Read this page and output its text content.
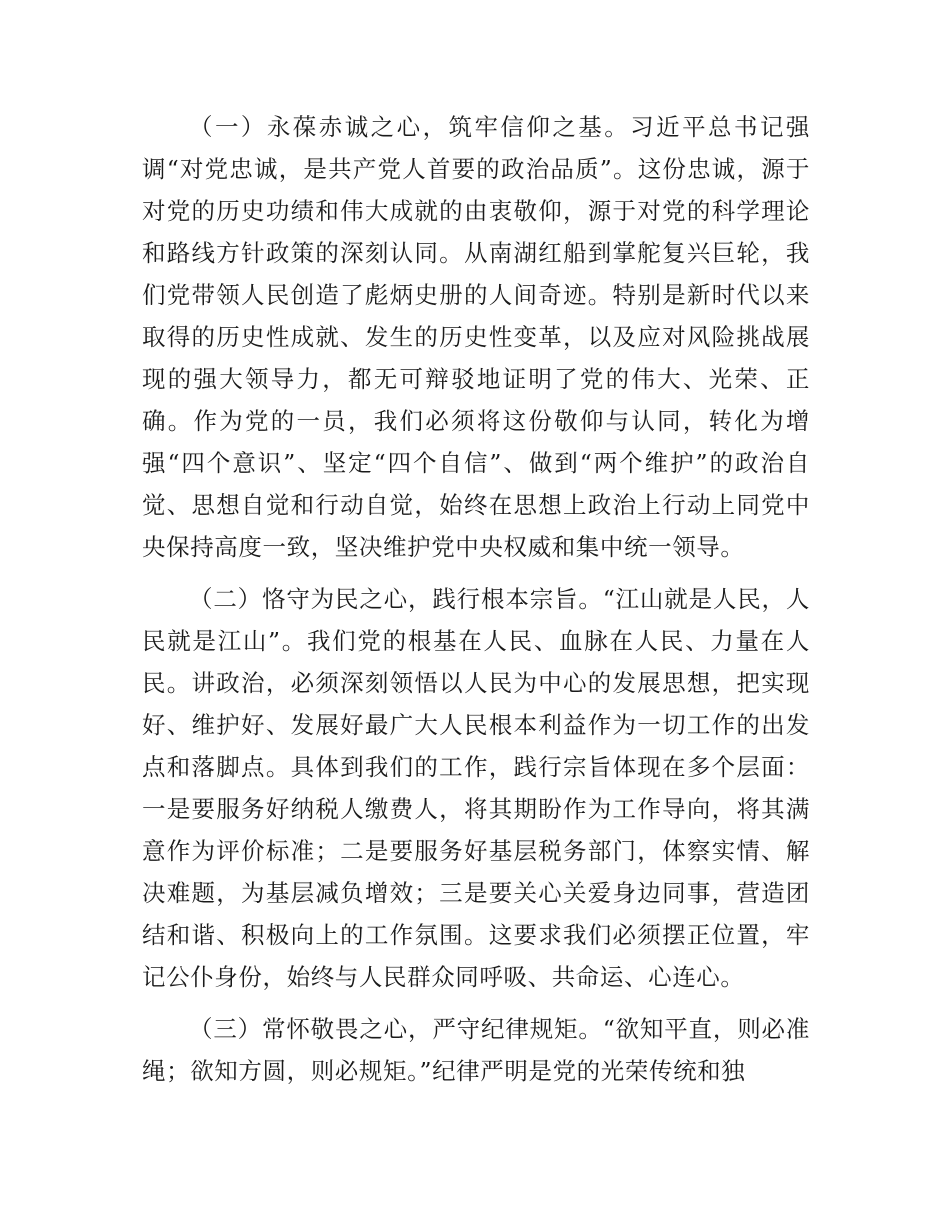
（一）永葆赤诚之心，筑牢信仰之基。习近平总书记强调“对党忠诚，是共产党人首要的政治品质”。这份忠诚，源于对党的历史功绩和伟大成就的由衷敬仰，源于对党的科学理论和路线方针政策的深刻认同。从南湖红船到掌舵复兴巨轮，我们党带领人民创造了彪炳史册的人间奇迹。特别是新时代以来取得的历史性成就、发生的历史性变革，以及应对风险挑战展现的强大领导力，都无可辩驳地证明了党的伟大、光荣、正确。作为党的一员，我们必须将这份敬仰与认同，转化为增强“四个意识”、坚定“四个自信”、做到“两个维护”的政治自觉、思想自觉和行动自觉，始终在思想上政治上行动上同党中央保持高度一致，坚决维护党中央权威和集中统一领导。

（二）恪守为民之心，践行根本宗旨。“江山就是人民，人民就是江山”。我们党的根基在人民、血脉在人民、力量在人民。讲政治，必须深刻领悟以人民为中心的发展思想，把实现好、维护好、发展好最广大人民根本利益作为一切工作的出发点和落脚点。具体到我们的工作，践行宗旨体现在多个层面：一是要服务好纳税人缴费人，将其期盼作为工作导向，将其满意作为评价标准；二是要服务好基层税务部门，体察实情、解决难题，为基层减负增效；三是要关心关爱身边同事，营造团结和谐、积极向上的工作氛围。这要求我们必须摆正位置，牢记公仆身份，始终与人民群众同呼吸、共命运、心连心。

（三）常怀敬畏之心，严守纪律规矩。“欲知平直，则必准绳；欲知方圆，则必规矩。”纪律严明是党的光荣传统和独
